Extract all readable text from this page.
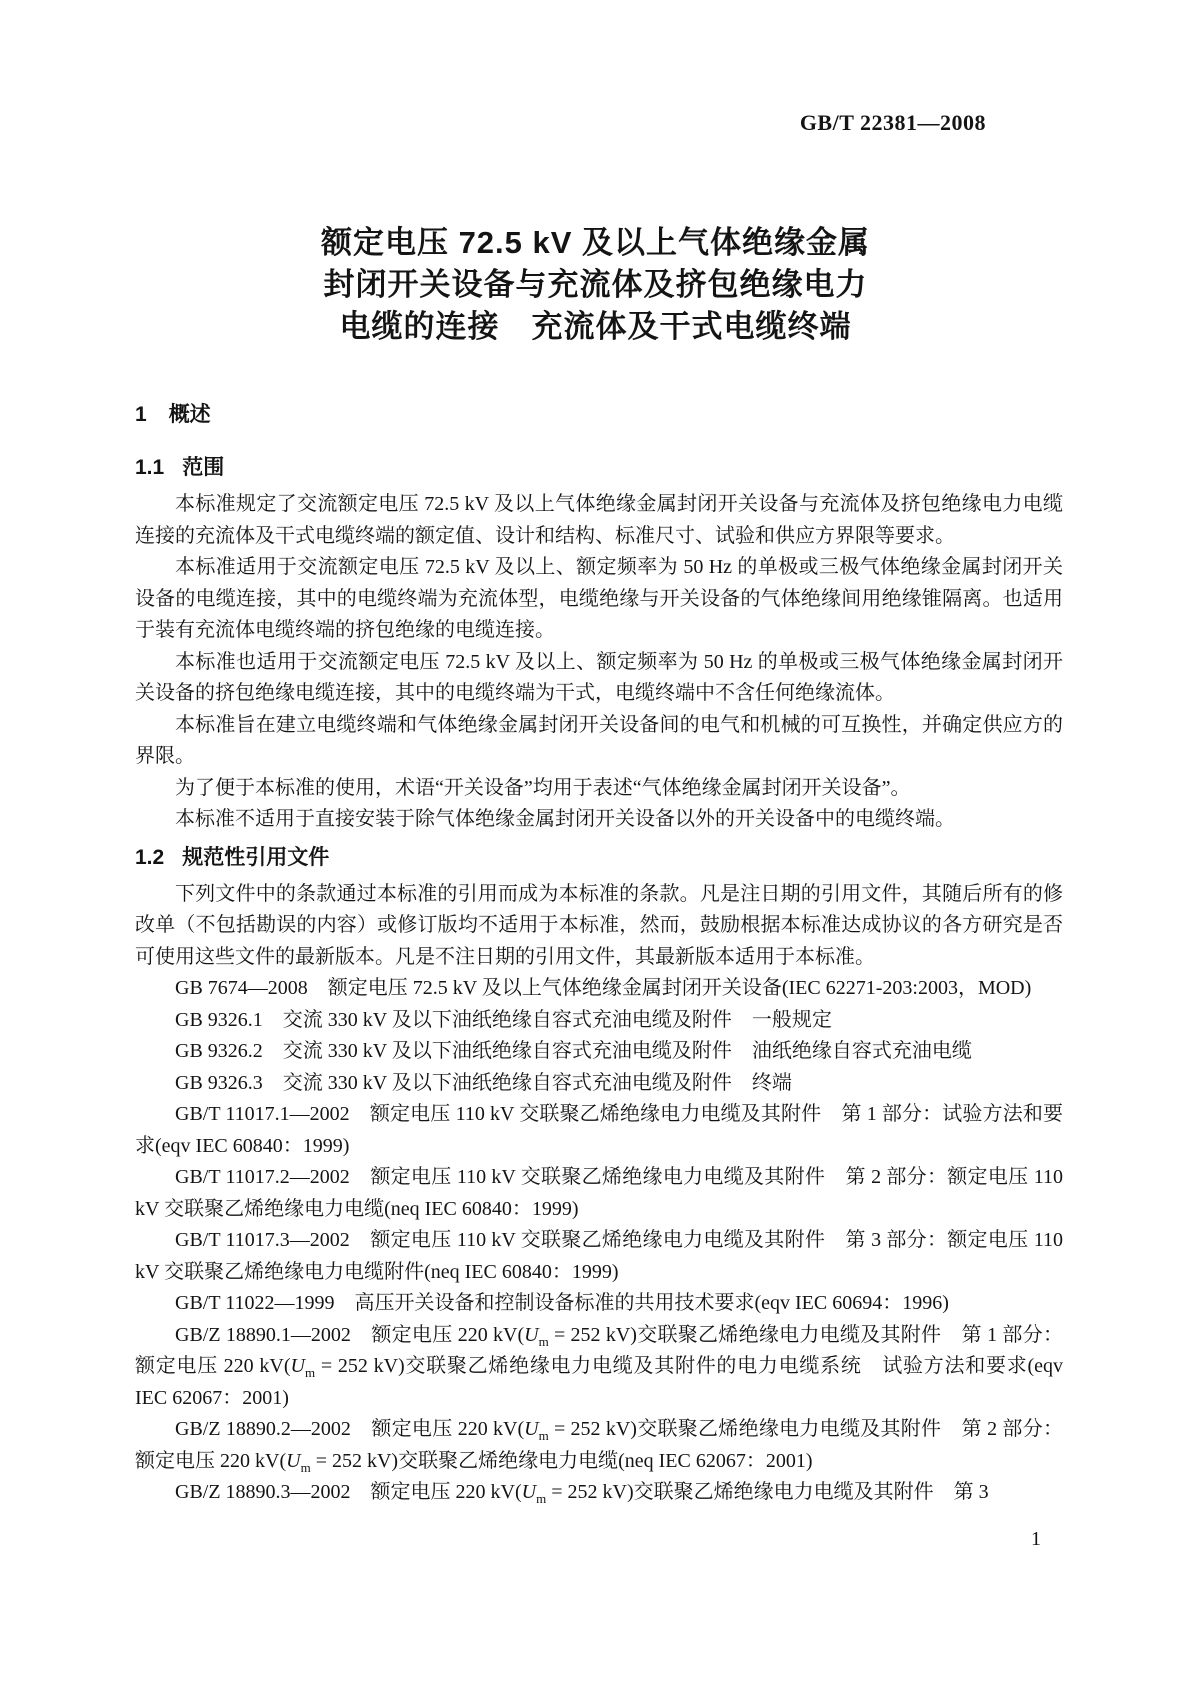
GB/T 22381—2008
额定电压 72.5 kV 及以上气体绝缘金属
封闭开关设备与充流体及挤包绝缘电力
电缆的连接　充流体及干式电缆终端
1 概述
1.1 范围

本标准规定了交流额定电压 72.5 kV 及以上气体绝缘金属封闭开关设备与充流体及挤包绝缘电力电缆连接的充流体及干式电缆终端的额定值、设计和结构、标准尺寸、试验和供应方界限等要求。

本标准适用于交流额定电压 72.5 kV 及以上、额定频率为 50 Hz 的单极或三极气体绝缘金属封闭开关设备的电缆连接，其中的电缆终端为充流体型，电缆绝缘与开关设备的气体绝缘间用绝缘锥隔离。也适用于装有充流体电缆终端的挤包绝缘的电缆连接。

本标准也适用于交流额定电压 72.5 kV 及以上、额定频率为 50 Hz 的单极或三极气体绝缘金属封闭开关设备的挤包绝缘电缆连接，其中的电缆终端为干式，电缆终端中不含任何绝缘流体。

本标准旨在建立电缆终端和气体绝缘金属封闭开关设备间的电气和机械的可互换性，并确定供应方的界限。

为了便于本标准的使用，术语“开关设备”均用于表述“气体绝缘金属封闭开关设备”。

本标准不适用于直接安装于除气体绝缘金属封闭开关设备以外的开关设备中的电缆终端。

1.2 规范性引用文件

下列文件中的条款通过本标准的引用而成为本标准的条款。凡是注日期的引用文件，其随后所有的修改单（不包括勘误的内容）或修订版均不适用于本标准，然而，鼓励根据本标准达成协议的各方研究是否可使用这些文件的最新版本。凡是不注日期的引用文件，其最新版本适用于本标准。

GB 7674—2008　额定电压 72.5 kV 及以上气体绝缘金属封闭开关设备(IEC 62271-203:2003，MOD)

GB 9326.1　交流 330 kV 及以下油纸绝缘自容式充油电缆及附件　一般规定

GB 9326.2　交流 330 kV 及以下油纸绝缘自容式充油电缆及附件　油纸绝缘自容式充油电缆

GB 9326.3　交流 330 kV 及以下油纸绝缘自容式充油电缆及附件　终端

GB/T 11017.1—2002　额定电压 110 kV 交联聚乙烯绝缘电力电缆及其附件　第 1 部分：试验方法和要求(eqv IEC 60840：1999)

GB/T 11017.2—2002　额定电压 110 kV 交联聚乙烯绝缘电力电缆及其附件　第 2 部分：额定电压 110 kV 交联聚乙烯绝缘电力电缆(neq IEC 60840：1999)

GB/T 11017.3—2002　额定电压 110 kV 交联聚乙烯绝缘电力电缆及其附件　第 3 部分：额定电压 110 kV 交联聚乙烯绝缘电力电缆附件(neq IEC 60840：1999)

GB/T 11022—1999　高压开关设备和控制设备标准的共用技术要求(eqv IEC 60694：1996)

GB/Z 18890.1—2002　额定电压 220 $kV(U_m = 252$ kV)交联聚乙烯绝缘电力电缆及其附件　第 1 部分：额定电压 220 $kV(U_m = 252$ kV)交联聚乙烯绝缘电力电缆及其附件的电力电缆系统　试验方法和要求(eqv IEC 62067：2001)

GB/Z 18890.2—2002　额定电压 220 $kV(U_m = 252$ kV)交联聚乙烯绝缘电力电缆及其附件　第 2 部分：额定电压 220 $kV(U_m = 252$ kV)交联聚乙烯绝缘电力电缆(neq IEC 62067：2001)

GB/Z 18890.3—2002　额定电压 220 $kV(U_m = 252$ kV)交联聚乙烯绝缘电力电缆及其附件　第 3

1
